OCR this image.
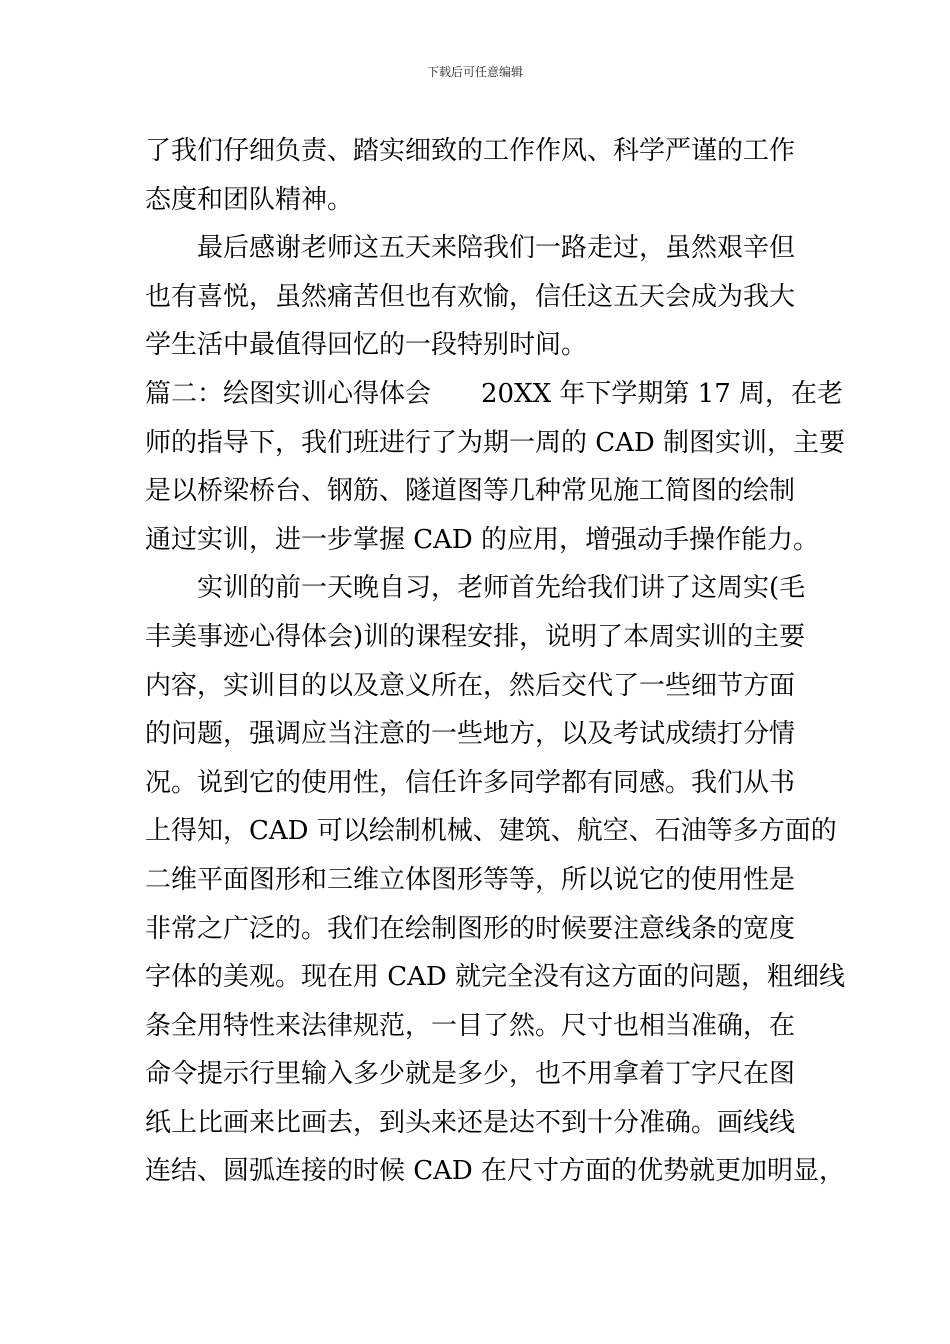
下载后可任意编辑
了我们仔细负责、踏实细致的工作作风、科学严谨的工作
态度和团队精神。
最后感谢老师这五天来陪我们一路走过，虽然艰辛但
也有喜悦，虽然痛苦但也有欢愉，信任这五天会成为我大
学生活中最值得回忆的一段特别时间。
篇二：绘图实训心得体会 20XX 年下学期第 17 周，在老
师的指导下，我们班进行了为期一周的 CAD 制图实训，主要
是以桥梁桥台、钢筋、隧道图等几种常见施工简图的绘制
通过实训，进一步掌握 CAD 的应用，增强动手操作能力。
实训的前一天晚自习，老师首先给我们讲了这周实(毛
丰美事迹心得体会)训的课程安排，说明了本周实训的主要
内容，实训目的以及意义所在，然后交代了一些细节方面
的问题，强调应当注意的一些地方，以及考试成绩打分情
况。说到它的使用性，信任许多同学都有同感。我们从书
上得知，CAD 可以绘制机械、建筑、航空、石油等多方面的
二维平面图形和三维立体图形等等，所以说它的使用性是
非常之广泛的。我们在绘制图形的时候要注意线条的宽度
字体的美观。现在用 CAD 就完全没有这方面的问题，粗细线
条全用特性来法律规范，一目了然。尺寸也相当准确，在
命令提示行里输入多少就是多少，也不用拿着丁字尺在图
纸上比画来比画去，到头来还是达不到十分准确。画线线
连结、圆弧连接的时候 CAD 在尺寸方面的优势就更加明显，
